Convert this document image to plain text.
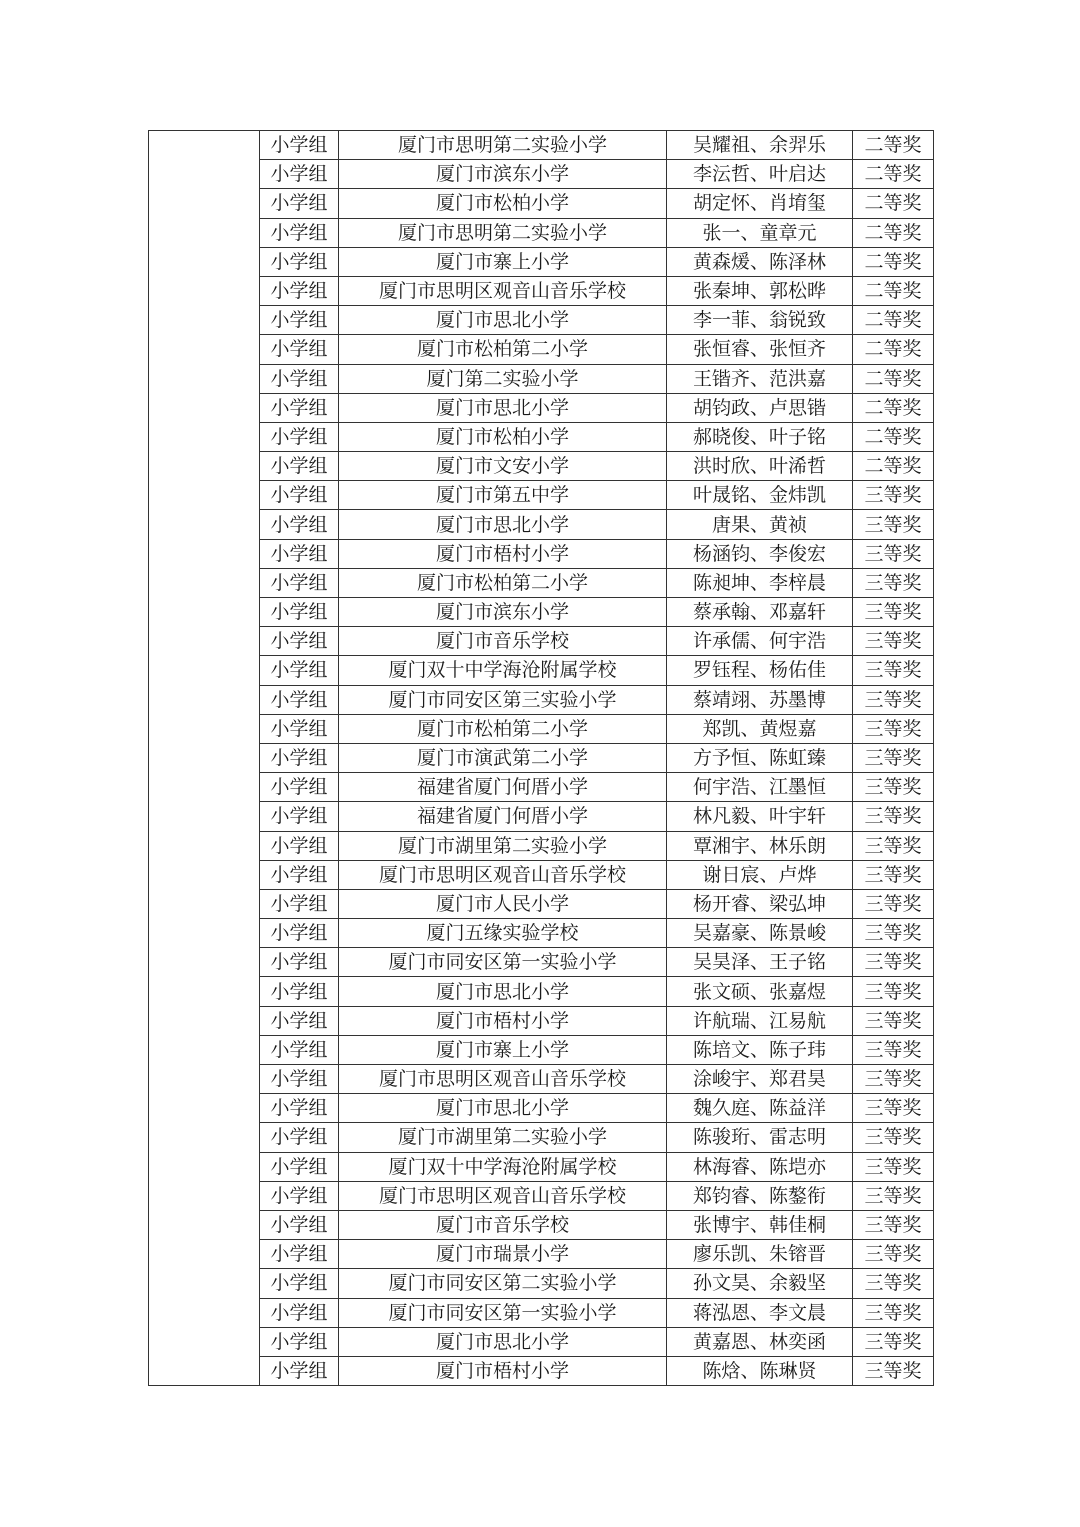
	小学组	厦门市思明第二实验小学	吴耀祖、余羿乐	二等奖
	小学组	厦门市滨东小学	李沄哲、叶启达	二等奖
	小学组	厦门市松柏小学	胡定怀、肖堉玺	二等奖
	小学组	厦门市思明第二实验小学	张一、童章元	二等奖
	小学组	厦门市寨上小学	黄森煖、陈泽林	二等奖
	小学组	厦门市思明区观音山音乐学校	张秦坤、郭松晔	二等奖
	小学组	厦门市思北小学	李一菲、翁锐致	二等奖
	小学组	厦门市松柏第二小学	张恒睿、张恒齐	二等奖
	小学组	厦门第二实验小学	王锴齐、范洪嘉	二等奖
	小学组	厦门市思北小学	胡钧政、卢思锴	二等奖
	小学组	厦门市松柏小学	郝晓俊、叶子铭	二等奖
	小学组	厦门市文安小学	洪时欣、叶浠哲	二等奖
	小学组	厦门市第五中学	叶晟铭、金炜凯	三等奖
	小学组	厦门市思北小学	唐果、黄祯	三等奖
	小学组	厦门市梧村小学	杨涵钧、李俊宏	三等奖
	小学组	厦门市松柏第二小学	陈昶坤、李梓晨	三等奖
	小学组	厦门市滨东小学	蔡承翰、邓嘉轩	三等奖
	小学组	厦门市音乐学校	许承儒、何宇浩	三等奖
	小学组	厦门双十中学海沧附属学校	罗钰程、杨佑佳	三等奖
	小学组	厦门市同安区第三实验小学	蔡靖翊、苏墨博	三等奖
	小学组	厦门市松柏第二小学	郑凯、黄煜嘉	三等奖
	小学组	厦门市演武第二小学	方予恒、陈虹臻	三等奖
	小学组	福建省厦门何厝小学	何宇浩、江墨恒	三等奖
	小学组	福建省厦门何厝小学	林凡毅、叶宇轩	三等奖
	小学组	厦门市湖里第二实验小学	覃湘宇、林乐朗	三等奖
	小学组	厦门市思明区观音山音乐学校	谢日宸、卢烨	三等奖
	小学组	厦门市人民小学	杨开睿、梁弘坤	三等奖
	小学组	厦门五缘实验学校	吴嘉豪、陈景峻	三等奖
	小学组	厦门市同安区第一实验小学	吴昊泽、王子铭	三等奖
	小学组	厦门市思北小学	张文硕、张嘉煜	三等奖
	小学组	厦门市梧村小学	许航瑞、江易航	三等奖
	小学组	厦门市寨上小学	陈培文、陈子玮	三等奖
	小学组	厦门市思明区观音山音乐学校	涂峻宇、郑君昊	三等奖
	小学组	厦门市思北小学	魏久庭、陈益洋	三等奖
	小学组	厦门市湖里第二实验小学	陈骏珩、雷志明	三等奖
	小学组	厦门双十中学海沧附属学校	林海睿、陈垲亦	三等奖
	小学组	厦门市思明区观音山音乐学校	郑钧睿、陈鏊衔	三等奖
	小学组	厦门市音乐学校	张博宇、韩佳桐	三等奖
	小学组	厦门市瑞景小学	廖乐凯、朱镕晋	三等奖
	小学组	厦门市同安区第二实验小学	孙文昊、余毅坚	三等奖
	小学组	厦门市同安区第一实验小学	蒋泓恩、李文晨	三等奖
	小学组	厦门市思北小学	黄嘉恩、林奕函	三等奖
	小学组	厦门市梧村小学	陈焓、陈琳贤	三等奖
